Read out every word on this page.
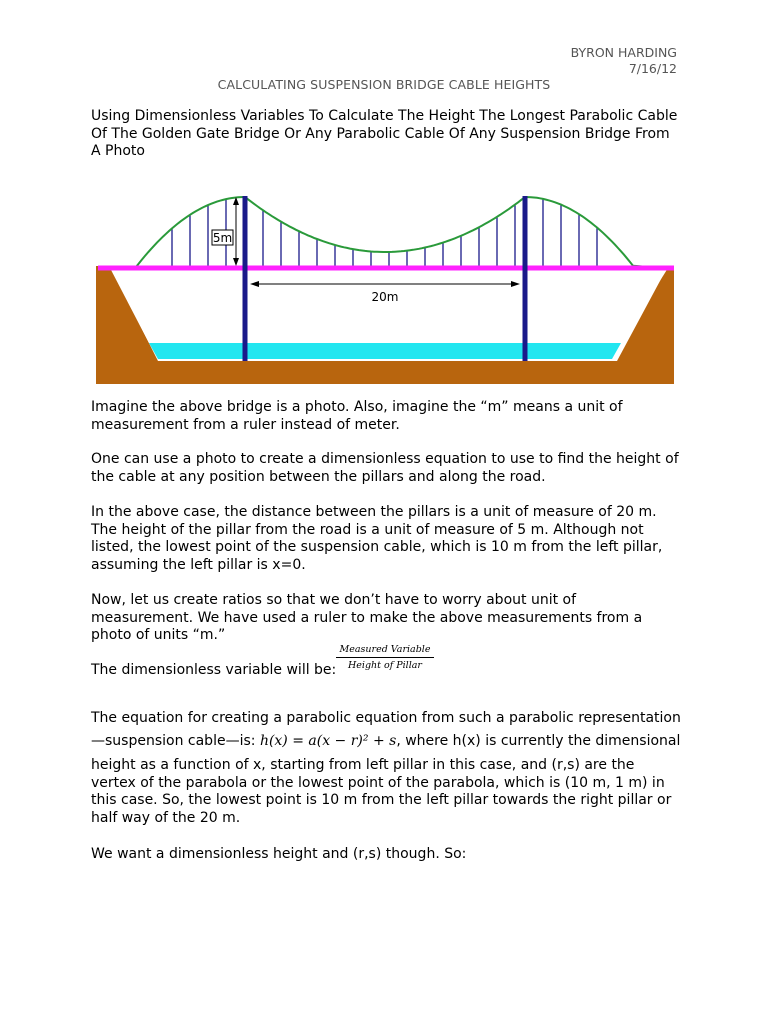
BYRON HARDING
7/16/12
CALCULATING SUSPENSION BRIDGE CABLE HEIGHTS

Using Dimensionless Variables To Calculate The Height The Longest Parabolic Cable Of The Golden Gate Bridge Or Any Parabolic Cable Of Any Suspension Bridge From A Photo

5m
20m

Imagine the above bridge is a photo. Also, imagine the “m” means a unit of measurement from a ruler instead of meter.

One can use a photo to create a dimensionless equation to use to find the height of the cable at any position between the pillars and along the road.

In the above case, the distance between the pillars is a unit of measure of 20 m. The height of the pillar from the road is a unit of measure of 5 m. Although not listed, the lowest point of the suspension cable, which is 10 m from the left pillar, assuming the left pillar is x=0.

Now, let us create ratios so that we don’t have to worry about unit of measurement. We have used a ruler to make the above measurements from a photo of units “m.”

The dimensionless variable will be:

Measured Variable
Height of Pillar

The equation for creating a parabolic equation from such a parabolic representation

—suspension cable—is: h(x) = a(x − r)² + s, where h(x) is currently the dimensional

height as a function of x, starting from left pillar in this case, and (r,s) are the vertex of the parabola or the lowest point of the parabola, which is (10 m, 1 m) in this case. So, the lowest point is 10 m from the left pillar towards the right pillar or half way of the 20 m.

We want a dimensionless height and (r,s) though. So:
